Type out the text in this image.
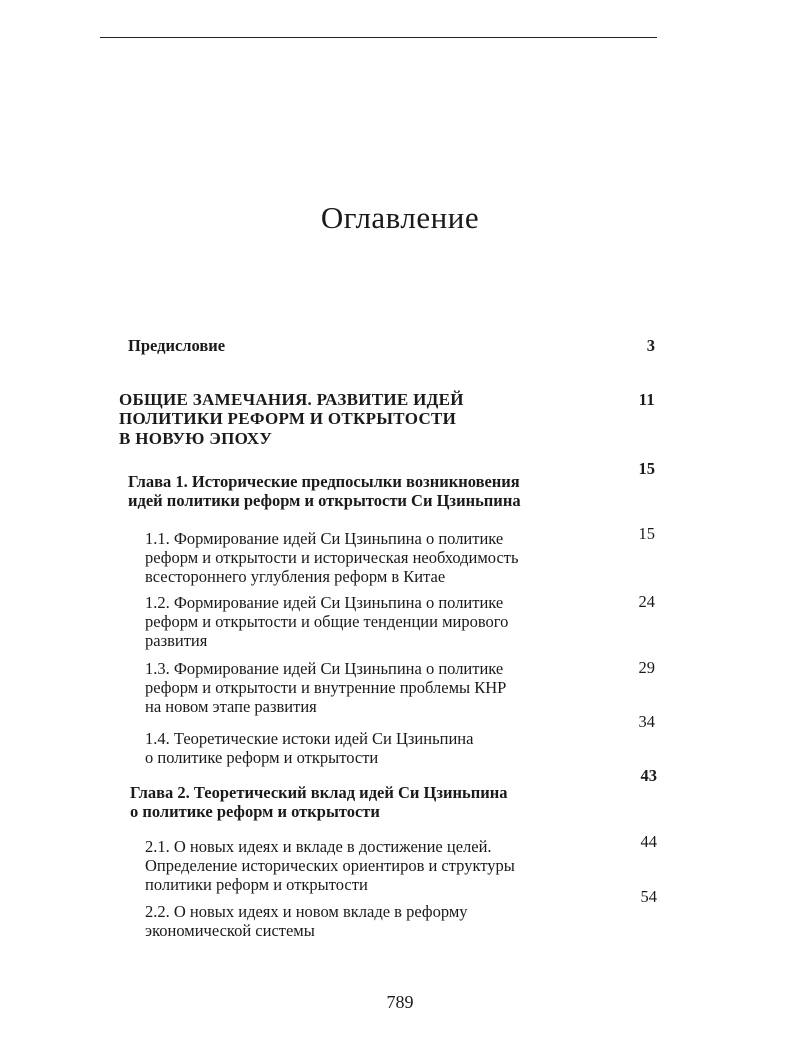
Оглавление
Предисловие	3

ОБЩИЕ ЗАМЕЧАНИЯ. РАЗВИТИЕ ИДЕЙ
ПОЛИТИКИ РЕФОРМ И ОТКРЫТОСТИ
В НОВУЮ ЭПОХУ

11

Глава 1. Исторические предпосылки возникновения
идей политики реформ и открытости Си Цзиньпина

15

1.1. Формирование идей Си Цзиньпина о политике
реформ и открытости и историческая необходимость
всестороннего углубления реформ в Китае

15

1.2. Формирование идей Си Цзиньпина о политике
реформ и открытости и общие тенденции мирового
развития

24

1.3. Формирование идей Си Цзиньпина о политике
реформ и открытости и внутренние проблемы КНР
на новом этапе развития

29

1.4. Теоретические истоки идей Си Цзиньпина
о политике реформ и открытости

34

Глава 2. Теоретический вклад идей Си Цзиньпина
о политике реформ и открытости

43

2.1. О новых идеях и вкладе в достижение целей.
Определение исторических ориентиров и структуры
политики реформ и открытости

44

2.2. О новых идеях и новом вкладе в реформу
экономической системы

54

789
